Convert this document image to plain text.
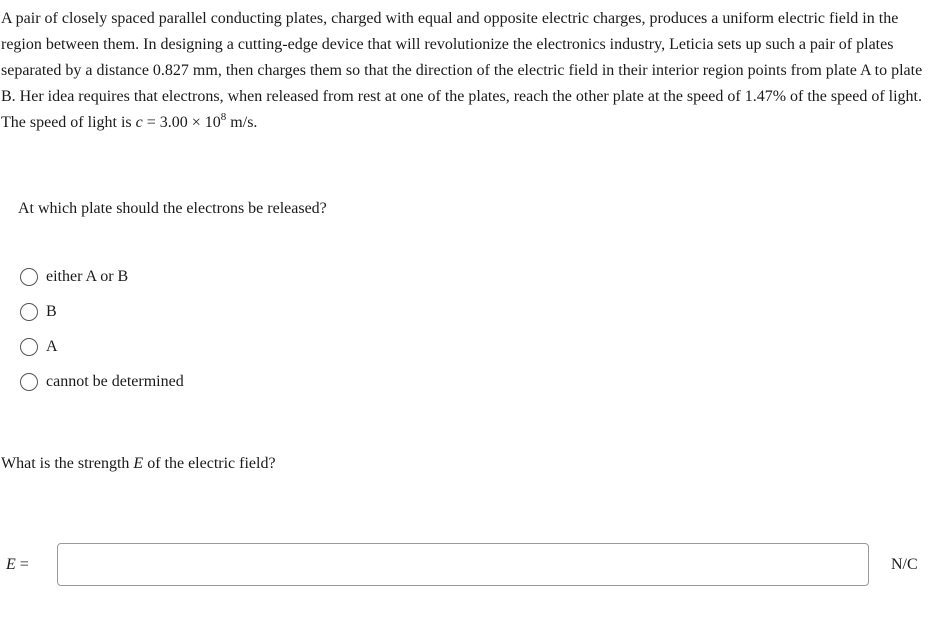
A pair of closely spaced parallel conducting plates, charged with equal and opposite electric charges, produces a uniform electric field in the region between them. In designing a cutting-edge device that will revolutionize the electronics industry, Leticia sets up such a pair of plates separated by a distance 0.827 mm, then charges them so that the direction of the electric field in their interior region points from plate A to plate B. Her idea requires that electrons, when released from rest at one of the plates, reach the other plate at the speed of 1.47% of the speed of light. The speed of light is $c = 3.00 \times 10^8$ m/s.

At which plate should the electrons be released?

either A or B
B
A
cannot be determined

What is the strength E of the electric field?

E =	N/C
